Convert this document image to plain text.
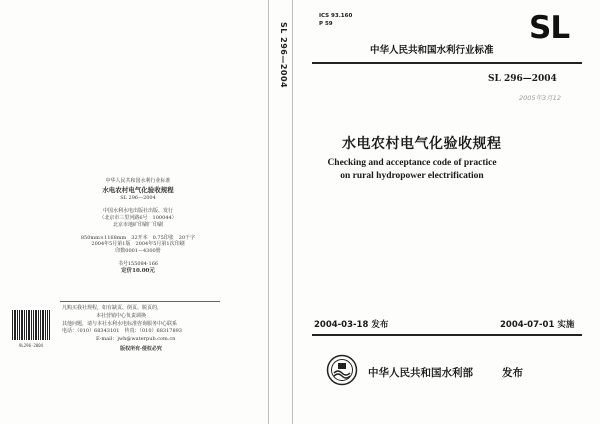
中华人民共和国水利行业标准
水电农村电气化验收规程
SL 296—2004
中国水利水电出版社出版、发行
（北京市三里河路6号　100044）
北京市地矿印刷厂印刷
850mm×1168mm　32开本　0.75印张　20千字
2004年5月第1版　2004年5月第1次印刷
印数0001—4300册
书号155084·166
定价10.00元
凡购买我社规程，如有缺页、倒页、脱页的，
本社营销中心负责调换
其他问题，请与本社水利水电标准咨询服务中心联系
电话：（010）68343101　传真：（010）68317893
E-mail：jwh@waterpub.com.cn
版权所有·侵权必究
9L296-2004
SL 296—2004
ICS 93.160
P 59
中华人民共和国水利行业标准
SL
SL 296—2004
2005年3月12
水电农村电气化验收规程
Checking and acceptance code of practice
on rural hydropower electrification
2004-03-18 发布	2004-07-01 实施
中华人民共和国水利部	发布
